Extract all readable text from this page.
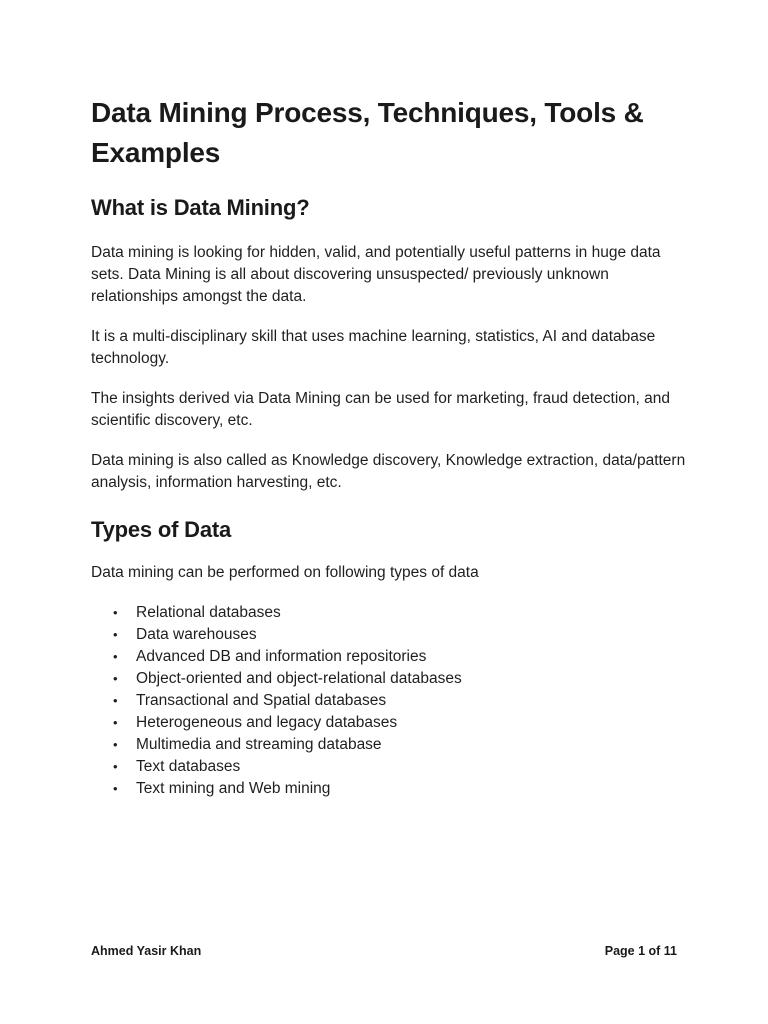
Data Mining Process, Techniques, Tools & Examples
What is Data Mining?

Data mining is looking for hidden, valid, and potentially useful patterns in huge data sets. Data Mining is all about discovering unsuspected/ previously unknown relationships amongst the data.

It is a multi-disciplinary skill that uses machine learning, statistics, AI and database technology.

The insights derived via Data Mining can be used for marketing, fraud detection, and scientific discovery, etc.

Data mining is also called as Knowledge discovery, Knowledge extraction, data/pattern analysis, information harvesting, etc.

Types of Data

Data mining can be performed on following types of data

• Relational databases
• Data warehouses
• Advanced DB and information repositories
• Object-oriented and object-relational databases
• Transactional and Spatial databases
• Heterogeneous and legacy databases
• Multimedia and streaming database
• Text databases
• Text mining and Web mining
Ahmed Yasir Khan	Page 1 of 11
